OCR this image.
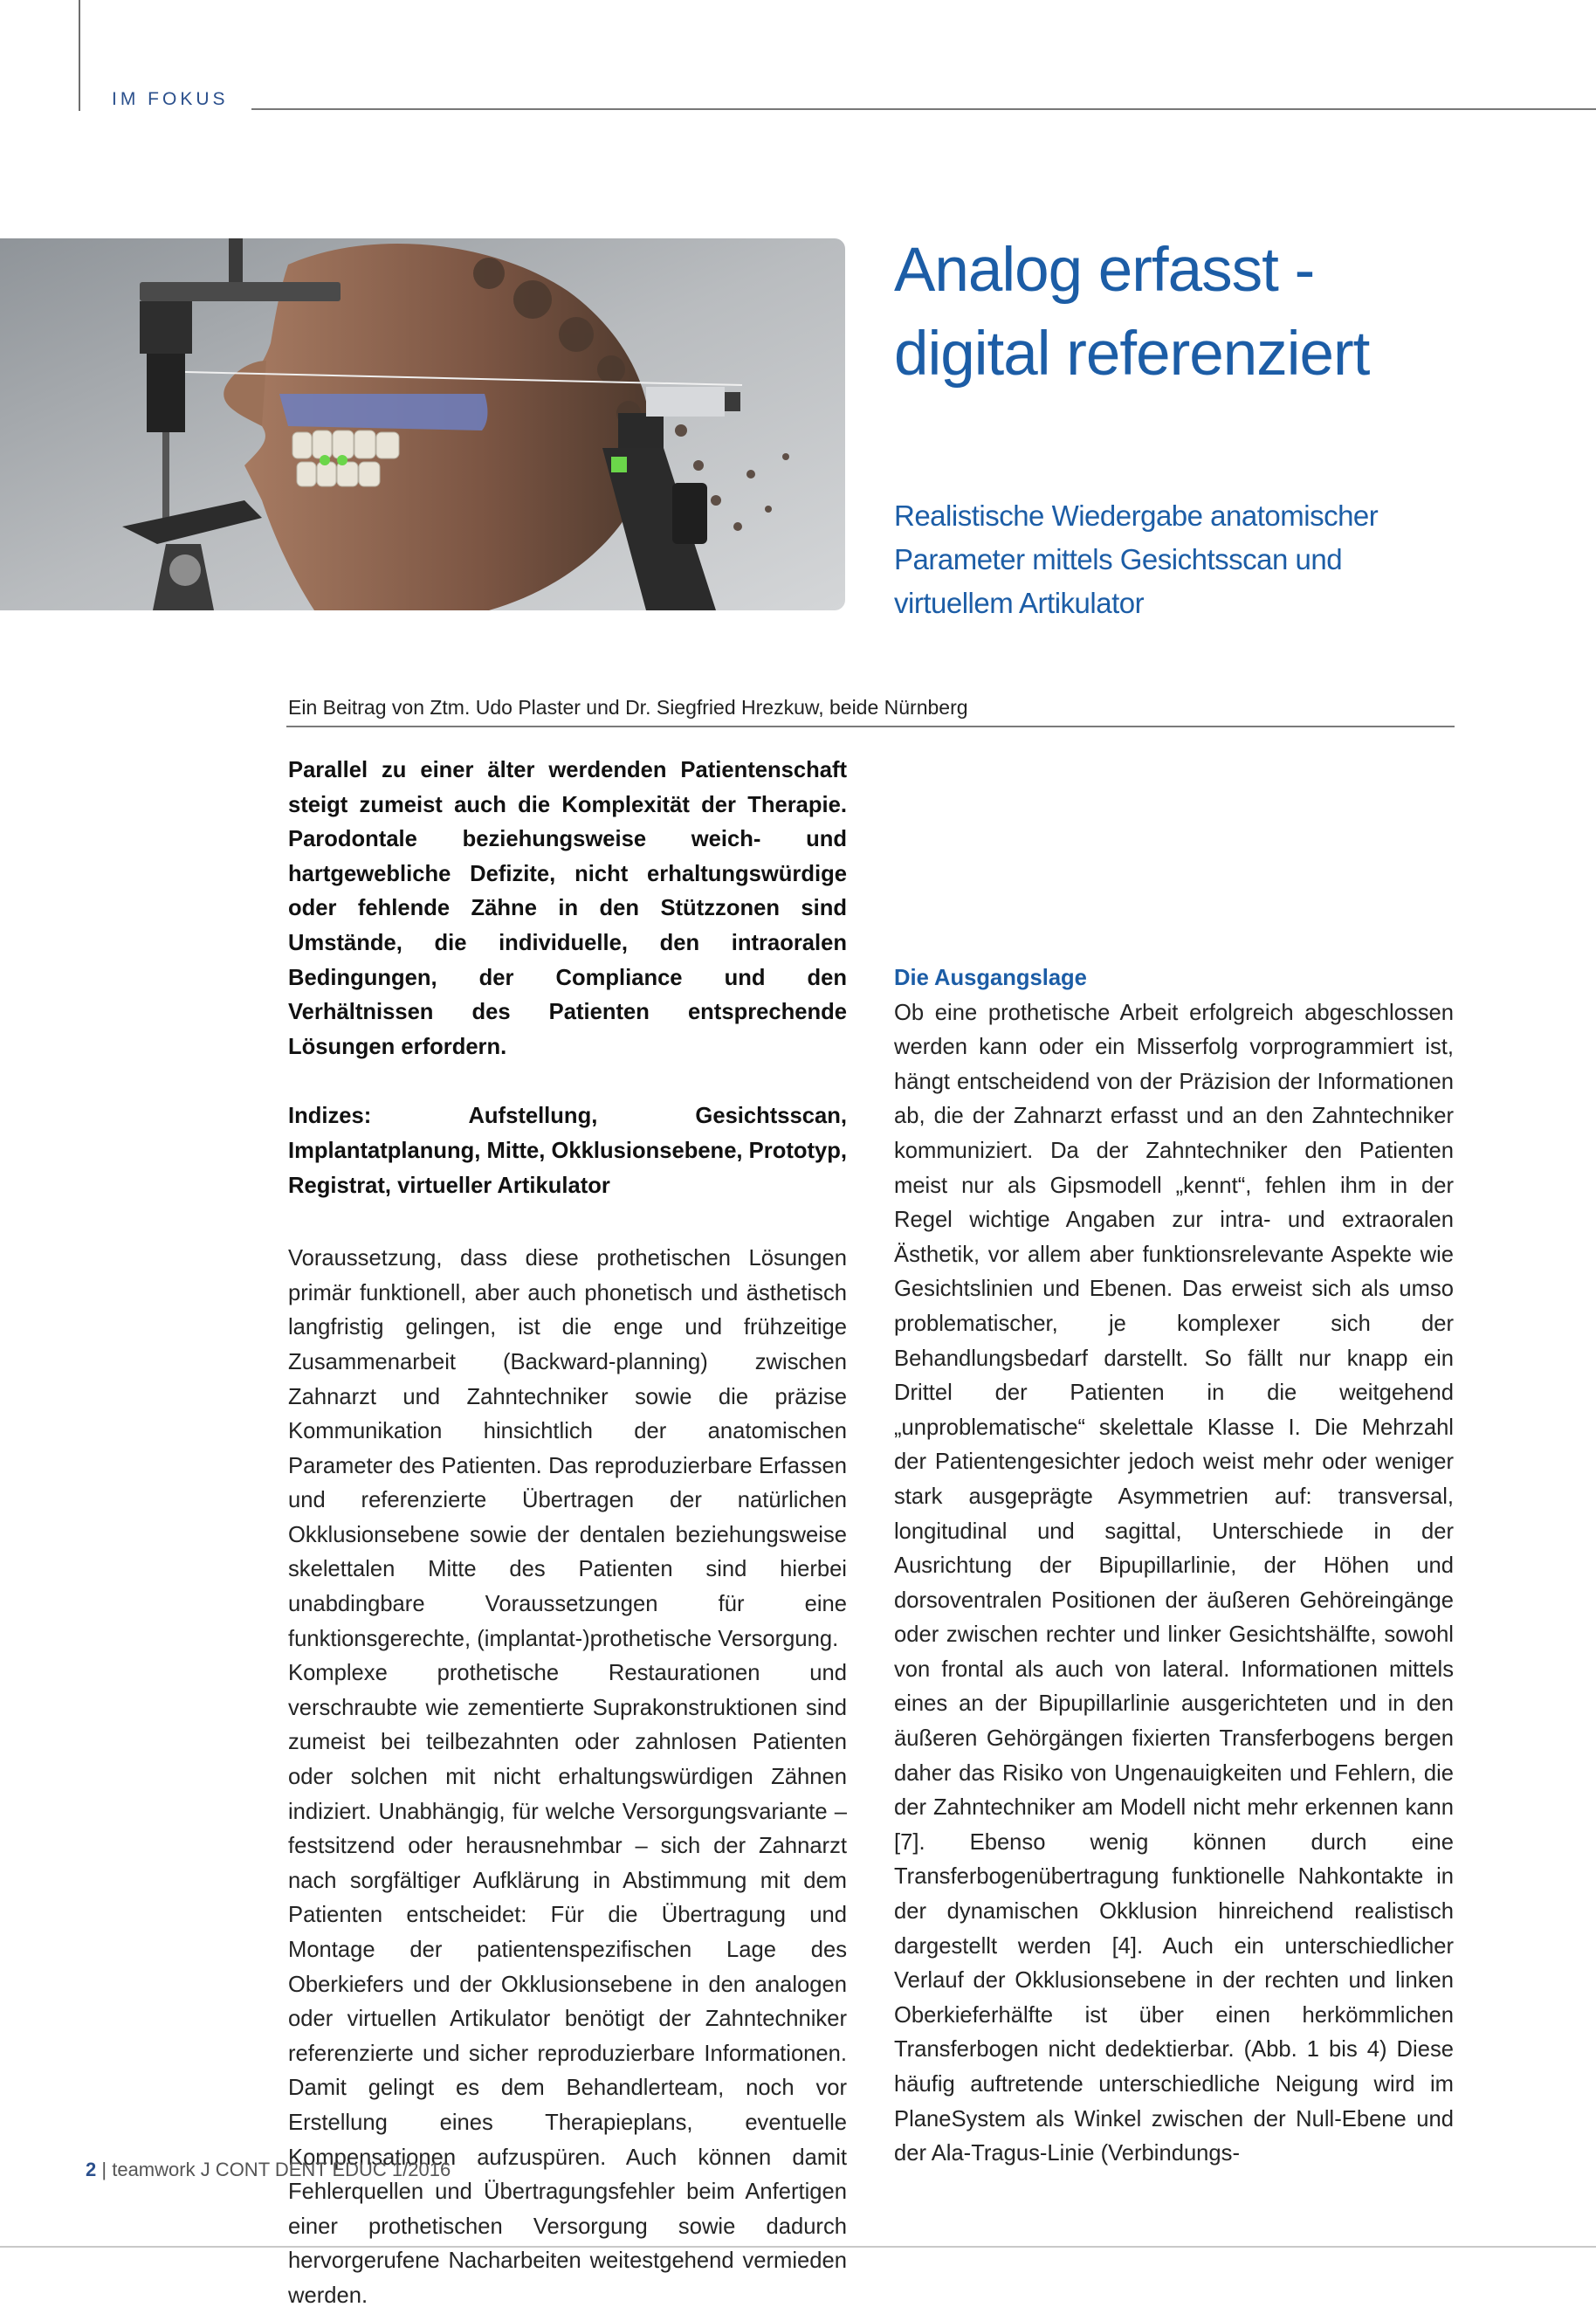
IM FOKUS
Analog erfasst -
digital referenziert
Realistische Wiedergabe anatomischer
Parameter mittels Gesichtsscan und
virtuellem Artikulator
Ein Beitrag von Ztm. Udo Plaster und Dr. Siegfried Hrezkuw, beide Nürnberg

Parallel zu einer älter werdenden Patientenschaft steigt zumeist auch die Komplexität der Therapie. Parodontale beziehungsweise weich- und hartgewebliche Defizite, nicht erhaltungswürdige oder fehlende Zähne in den Stützzonen sind Umstände, die individuelle, den intraoralen Bedingungen, der Compliance und den Verhältnissen des Patienten entsprechende Lösungen erfordern.

Indizes: Aufstellung, Gesichtsscan, Implantatplanung, Mitte, Okklusionsebene, Prototyp, Registrat, virtueller Artikulator

Voraussetzung, dass diese prothetischen Lösungen primär funktionell, aber auch phonetisch und ästhetisch langfristig gelingen, ist die enge und frühzeitige Zusammenarbeit (Backward-planning) zwischen Zahnarzt und Zahntechniker sowie die präzise Kommunikation hinsichtlich der anatomischen Parameter des Patienten. Das reproduzierbare Erfassen und referenzierte Übertragen der natürlichen Okklusionsebene sowie der dentalen beziehungsweise skelettalen Mitte des Patienten sind hierbei unabdingbare Voraussetzungen für eine funktionsgerechte, (implantat-)prothetische Versorgung.

Komplexe prothetische Restaurationen und verschraubte wie zementierte Suprakonstruktionen sind zumeist bei teilbezahnten oder zahnlosen Patienten oder solchen mit nicht erhaltungswürdigen Zähnen indiziert. Unabhängig, für welche Versorgungsvariante – festsitzend oder herausnehmbar – sich der Zahnarzt nach sorgfältiger Aufklärung in Abstimmung mit dem Patienten entscheidet: Für die Übertragung und Montage der patientenspezifischen Lage des Oberkiefers und der Okklusionsebene in den analogen oder virtuellen Artikulator benötigt der Zahntechniker referenzierte und sicher reproduzierbare Informationen. Damit gelingt es dem Behandlerteam, noch vor Erstellung eines Therapieplans, eventuelle Kompensationen aufzuspüren. Auch können damit Fehlerquellen und Übertragungsfehler beim Anfertigen einer prothetischen Versorgung sowie dadurch hervorgerufene Nacharbeiten weitestgehend vermieden werden.

Die Ausgangslage

Ob eine prothetische Arbeit erfolgreich abgeschlossen werden kann oder ein Misserfolg vorprogrammiert ist, hängt entscheidend von der Präzision der Informationen ab, die der Zahnarzt erfasst und an den Zahntechniker kommuniziert. Da der Zahntechniker den Patienten meist nur als Gipsmodell „kennt“, fehlen ihm in der Regel wichtige Angaben zur intra- und extraoralen Ästhetik, vor allem aber funktionsrelevante Aspekte wie Gesichtslinien und Ebenen. Das erweist sich als umso problematischer, je komplexer sich der Behandlungsbedarf darstellt. So fällt nur knapp ein Drittel der Patienten in die weitgehend „unproblematische“ skelettale Klasse I. Die Mehrzahl der Patientengesichter jedoch weist mehr oder weniger stark ausgeprägte Asymmetrien auf: transversal, longitudinal und sagittal, Unterschiede in der Ausrichtung der Bipupillarlinie, der Höhen und dorsoventralen Positionen der äußeren Gehöreingänge oder zwischen rechter und linker Gesichtshälfte, sowohl von frontal als auch von lateral. Informationen mittels eines an der Bipupillarlinie ausgerichteten und in den äußeren Gehörgängen fixierten Transferbogens bergen daher das Risiko von Ungenauigkeiten und Fehlern, die der Zahntechniker am Modell nicht mehr erkennen kann [7]. Ebenso wenig können durch eine Transferbogenübertragung funktionelle Nahkontakte in der dynamischen Okklusion hinreichend realistisch dargestellt werden [4]. Auch ein unterschiedlicher Verlauf der Okklusionsebene in der rechten und linken Oberkieferhälfte ist über einen herkömmlichen Transferbogen nicht dedektierbar. (Abb. 1 bis 4) Diese häufig auftretende unterschiedliche Neigung wird im PlaneSystem als Winkel zwischen der Null-Ebene und der Ala-Tragus-Linie (Verbindungs-

2 | teamwork J CONT DENT EDUC 1/2016
